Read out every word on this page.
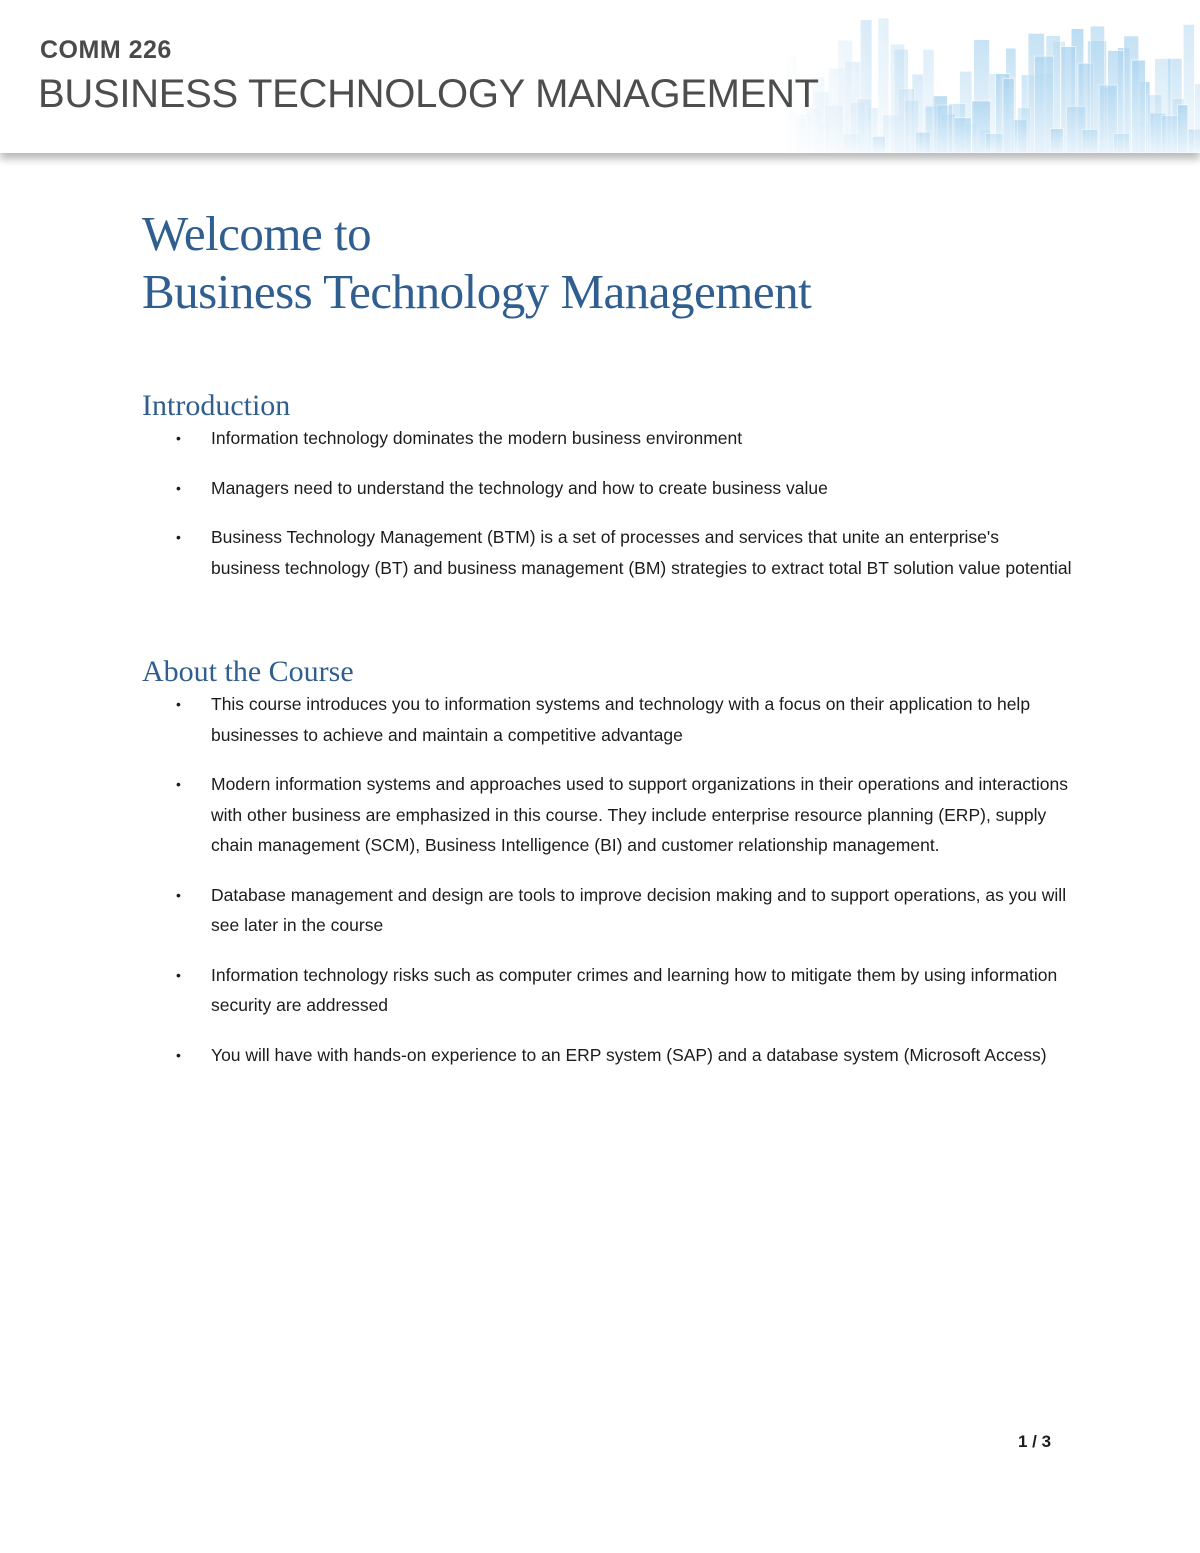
COMM 226
BUSINESS TECHNOLOGY MANAGEMENT
Welcome to
Business Technology Management
Introduction
• Information technology dominates the modern business environment
• Managers need to understand the technology and how to create business value
• Business Technology Management (BTM) is a set of processes and services that unite an enterprise's business technology (BT) and business management (BM) strategies to extract total BT solution value potential
About the Course
• This course introduces you to information systems and technology with a focus on their application to help businesses to achieve and maintain a competitive advantage
• Modern information systems and approaches used to support organizations in their operations and interactions with other business are emphasized in this course. They include enterprise resource planning (ERP), supply chain management (SCM), Business Intelligence (BI) and customer relationship management.
• Database management and design are tools to improve decision making and to support operations, as you will see later in the course
• Information technology risks such as computer crimes and learning how to mitigate them by using information security are addressed
• You will have with hands-on experience to an ERP system (SAP) and a database system (Microsoft Access)
1 / 3
